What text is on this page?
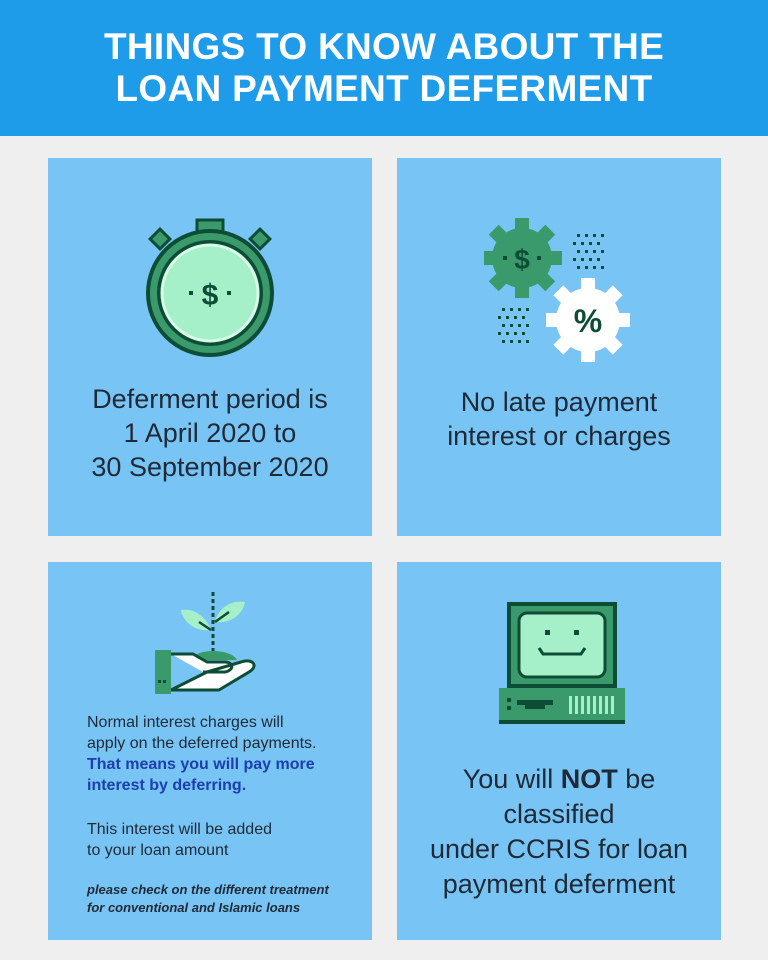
THINGS TO KNOW ABOUT THE
LOAN PAYMENT DEFERMENT
$
Deferment period is
1 April 2020 to
30 September 2020
$
%
No late payment
interest or charges
Normal interest charges will
apply on the deferred payments.
That means you will pay more
interest by deferring.
This interest will be added
to your loan amount
please check on the different treatment
for conventional and Islamic loans
You will NOT be
classified
under CCRIS for loan
payment deferment
